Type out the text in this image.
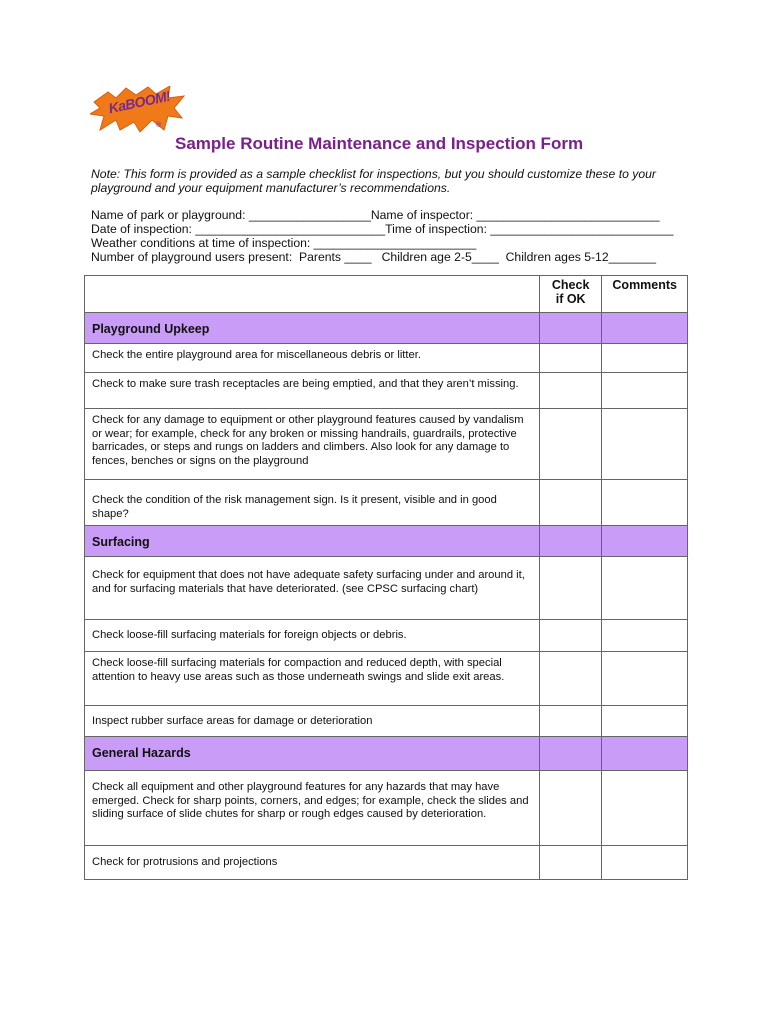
KaBOOM!
®
Sample Routine Maintenance and Inspection Form
Note: This form is provided as a sample checklist for inspections, but you should customize these to your playground and your equipment manufacturer’s recommendations.
Name of park or playground: __________________Name of inspector: ___________________________
Date of inspection: ____________________________Time of inspection: ___________________________
Weather conditions at time of inspection: ________________________
Number of playground users present:  Parents ____   Children age 2-5____  Children ages 5-12_______

	Check if OK	Comments

Playground Upkeep		

Check the entire playground area for miscellaneous debris or litter.		
Check to make sure trash receptacles are being emptied, and that they aren’t missing.		
Check for any damage to equipment or other playground features caused by vandalism or wear; for example, check for any broken or missing handrails, guardrails, protective barricades, or steps and rungs on ladders and climbers. Also look for any damage to fences, benches or signs on the playground		
Check the condition of the risk management sign. Is it present, visible and in good shape?		

Surfacing		

Check for equipment that does not have adequate safety surfacing under and around it, and for surfacing materials that have deteriorated. (see CPSC surfacing chart)		
Check loose-fill surfacing materials for foreign objects or debris.		
Check loose-fill surfacing materials for compaction and reduced depth, with special attention to heavy use areas such as those underneath swings and slide exit areas.		
Inspect rubber surface areas for damage or deterioration		

General Hazards		

Check all equipment and other playground features for any hazards that may have emerged. Check for sharp points, corners, and edges; for example, check the slides and sliding surface of slide chutes for sharp or rough edges caused by deterioration.		
Check for protrusions and projections		
